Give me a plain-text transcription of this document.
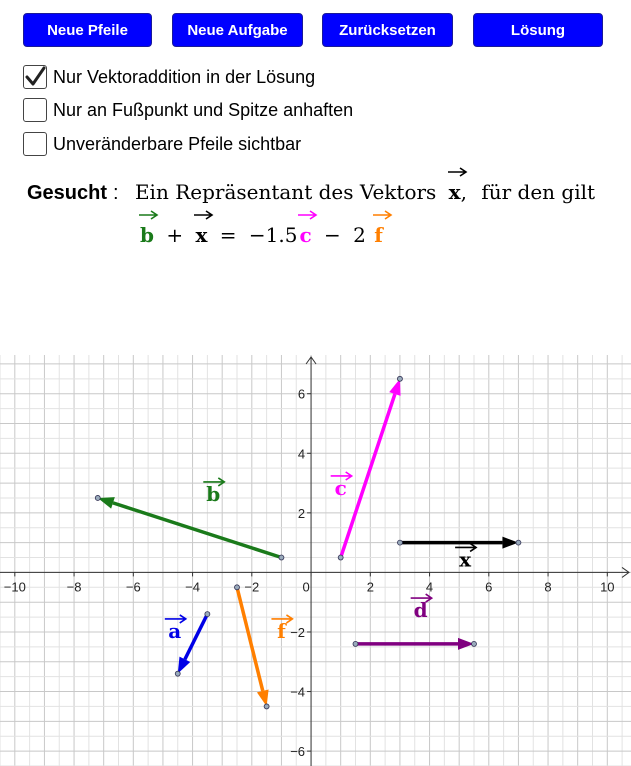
Neue Pfeile	Neue Aufgabe	Zurücksetzen	Lösung
Nur Vektoraddition in der Lösung
Nur an Fußpunkt und Spitze anhaften
Unveränderbare Pfeile sichtbar
Gesucht : Ein Repräsentant des Vektors x, für den gilt
b + x = −1.5 c − 2 f
−10	−8	−6	−4	−2	0	2	4	6	8	10
−6
−4
−2
2
4
6
a
b	c
d
f
x
